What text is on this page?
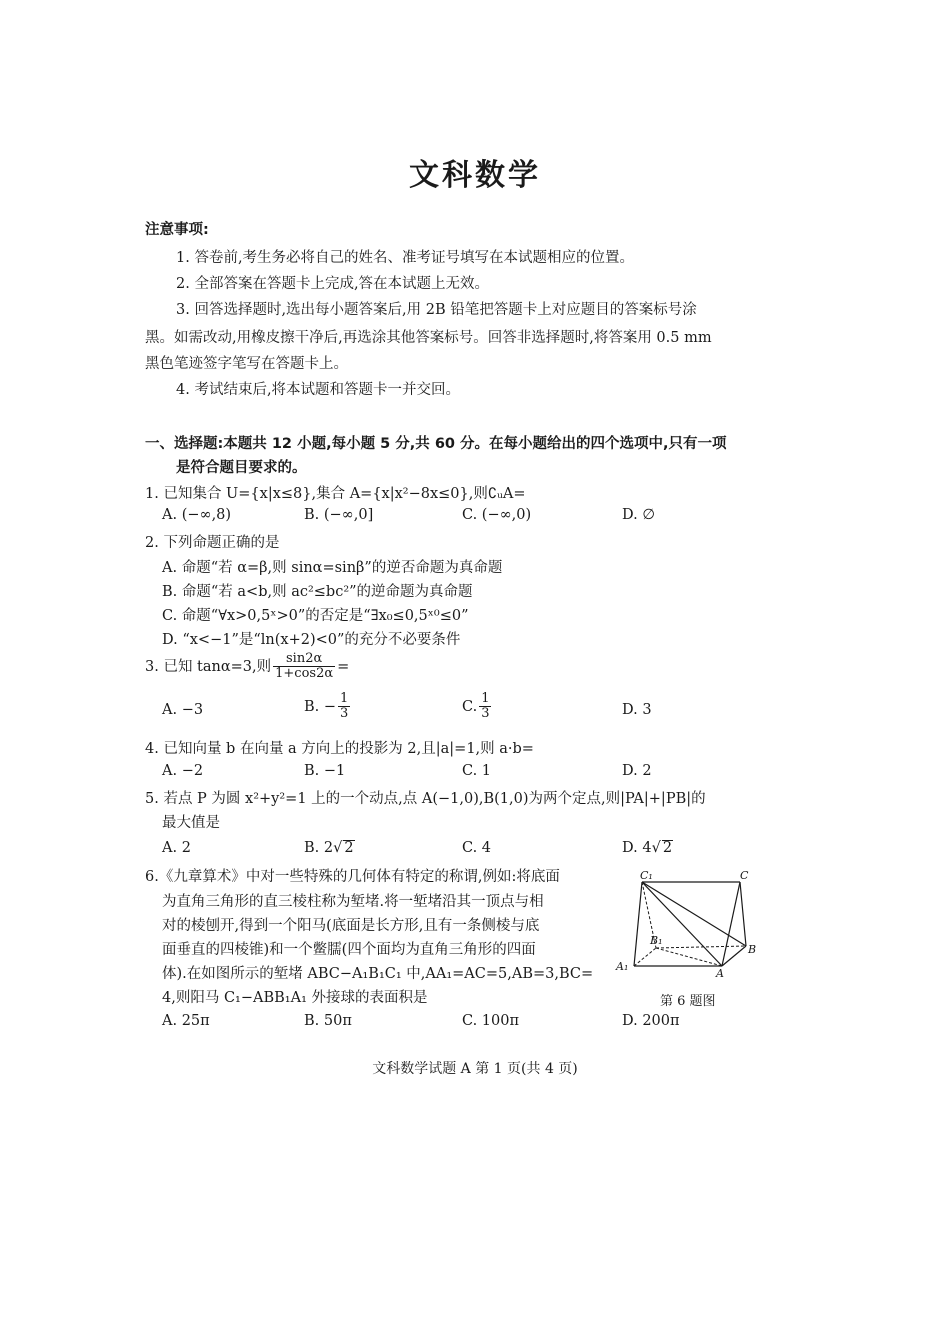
文科数学
注意事项:
1. 答卷前,考生务必将自己的姓名、准考证号填写在本试题相应的位置。
2. 全部答案在答题卡上完成,答在本试题上无效。
3. 回答选择题时,选出每小题答案后,用 2B 铅笔把答题卡上对应题目的答案标号涂
黑。如需改动,用橡皮擦干净后,再选涂其他答案标号。回答非选择题时,将答案用 0.5 mm
黑色笔迹签字笔写在答题卡上。
4. 考试结束后,将本试题和答题卡一并交回。
一、选择题:本题共 12 小题,每小题 5 分,共 60 分。在每小题给出的四个选项中,只有一项
是符合题目要求的。
1. 已知集合 U={x|x≤8},集合 A={x|x²−8x≤0},则∁ᵤA=
A. (−∞,8)	B. (−∞,0]	C. (−∞,0)	D. ∅
2. 下列命题正确的是
A. 命题“若 α=β,则 sinα=sinβ”的逆否命题为真命题
B. 命题“若 a<b,则 ac²≤bc²”的逆命题为真命题
C. 命题“∀x>0,5ˣ>0”的否定是“∃x₀≤0,5ˣ⁰≤0”
D. “x<−1”是“ln(x+2)<0”的充分不必要条件
3. 已知 tanα=3,则 $\frac{\sin 2\alpha}{1+\cos 2\alpha}$ =
A. −3	B. − $\frac{1}{3}$	C. $\frac{1}{3}$	D. 3
4. 已知向量 b 在向量 a 方向上的投影为 2,且|a|=1,则 a·b=
A. −2	B. −1	C. 1	D. 2
5. 若点 P 为圆 x²+y²=1 上的一个动点,点 A(−1,0),B(1,0)为两个定点,则|PA|+|PB|的
最大值是
A. 2	B. 2√ 2	C. 4	D. 4√ 2
6.《九章算术》中对一些特殊的几何体有特定的称谓,例如:将底面
为直角三角形的直三棱柱称为堑堵.将一堑堵沿其一顶点与相
对的棱刨开,得到一个阳马(底面是长方形,且有一条侧棱与底
面垂直的四棱锥)和一个鳖臑(四个面均为直角三角形的四面
体).在如图所示的堑堵 ABC−A₁B₁C₁ 中,AA₁=AC=5,AB=3,BC=
4,则阳马 C₁−ABB₁A₁ 外接球的表面积是
A. 25π	B. 50π	C. 100π	D. 200π
C₁	C
B₁
B
A₁
A
第 6 题图
文科数学试题 A 第 1 页(共 4 页)
